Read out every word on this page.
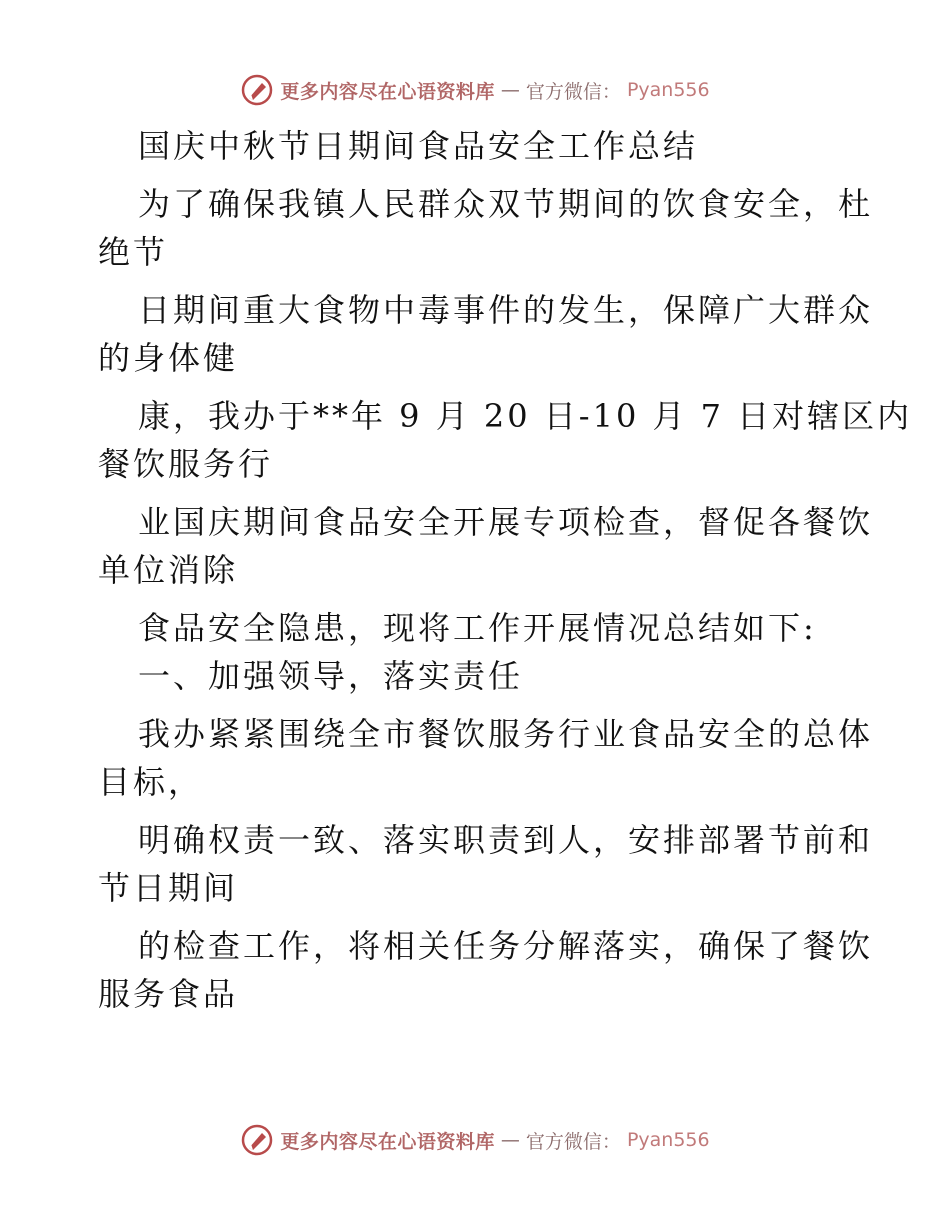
更多内容尽在心语资料库 — 官方微信： Pyan556
国庆中秋节日期间食品安全工作总结
为了确保我镇人民群众双节期间的饮食安全，杜
绝节
日期间重大食物中毒事件的发生，保障广大群众
的身体健
康，我办于**年 9 月 20 日-10 月 7 日对辖区内
餐饮服务行
业国庆期间食品安全开展专项检查，督促各餐饮
单位消除
食品安全隐患，现将工作开展情况总结如下:
一、加强领导，落实责任
我办紧紧围绕全市餐饮服务行业食品安全的总体
目标，
明确权责一致、落实职责到人，安排部署节前和
节日期间
的检查工作，将相关任务分解落实，确保了餐饮
服务食品
更多内容尽在心语资料库 — 官方微信： Pyan556
